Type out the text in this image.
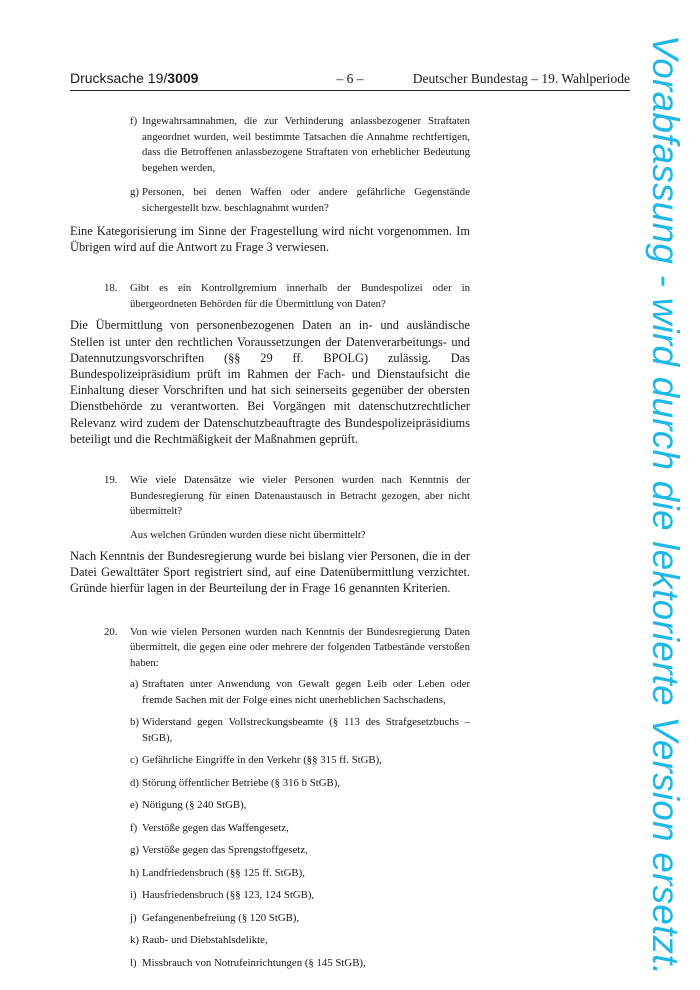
Drucksache 19/3009	– 6 –	Deutscher Bundestag – 19. Wahlperiode
f) Ingewahrsamnahmen, die zur Verhinderung anlassbezogener Straftaten angeordnet wurden, weil bestimmte Tatsachen die Annahme rechtfertigen, dass die Betroffenen anlassbezogene Straftaten von erheblicher Bedeutung begehen werden,

g) Personen, bei denen Waffen oder andere gefährliche Gegenstände sichergestellt bzw. beschlagnahmt wurden?

Eine Kategorisierung im Sinne der Fragestellung wird nicht vorgenommen. Im Übrigen wird auf die Antwort zu Frage 3 verwiesen.

18. Gibt es ein Kontrollgremium innerhalb der Bundespolizei oder in übergeordneten Behörden für die Übermittlung von Daten?

Die Übermittlung von personenbezogenen Daten an in- und ausländische Stellen ist unter den rechtlichen Voraussetzungen der Datenverarbeitungs- und Datennutzungsvorschriften (§§ 29 ff. BPOLG) zulässig. Das Bundespolizeipräsidium prüft im Rahmen der Fach- und Dienstaufsicht die Einhaltung dieser Vorschriften und hat sich seinerseits gegenüber der obersten Dienstbehörde zu verantworten. Bei Vorgängen mit datenschutzrechtlicher Relevanz wird zudem der Datenschutzbeauftragte des Bundespolizeipräsidiums beteiligt und die Rechtmäßigkeit der Maßnahmen geprüft.

19. Wie viele Datensätze wie vieler Personen wurden nach Kenntnis der Bundesregierung für einen Datenaustausch in Betracht gezogen, aber nicht übermittelt?

Aus welchen Gründen wurden diese nicht übermittelt?

Nach Kenntnis der Bundesregierung wurde bei bislang vier Personen, die in der Datei Gewalttäter Sport registriert sind, auf eine Datenübermittlung verzichtet. Gründe hierfür lagen in der Beurteilung der in Frage 16 genannten Kriterien.

20. Von wie vielen Personen wurden nach Kenntnis der Bundesregierung Daten übermittelt, die gegen eine oder mehrere der folgenden Tatbestände verstoßen haben:

a) Straftaten unter Anwendung von Gewalt gegen Leib oder Leben oder fremde Sachen mit der Folge eines nicht unerheblichen Sachschadens,

b) Widerstand gegen Vollstreckungsbeamte (§ 113 des Strafgesetzbuchs – StGB),

c) Gefährliche Eingriffe in den Verkehr (§§ 315 ff. StGB),

d) Störung öffentlicher Betriebe (§ 316 b StGB),

e) Nötigung (§ 240 StGB),

f) Verstöße gegen das Waffengesetz,

g) Verstöße gegen das Sprengstoffgesetz,

h) Landfriedensbruch (§§ 125 ff. StGB),

i) Hausfriedensbruch (§§ 123, 124 StGB),

j) Gefangenenbefreiung (§ 120 StGB),

k) Raub- und Diebstahlsdelikte,

l) Missbrauch von Notrufeinrichtungen (§ 145 StGB),	Vorabfassung - wird durch die lektorierte Version ersetzt.
